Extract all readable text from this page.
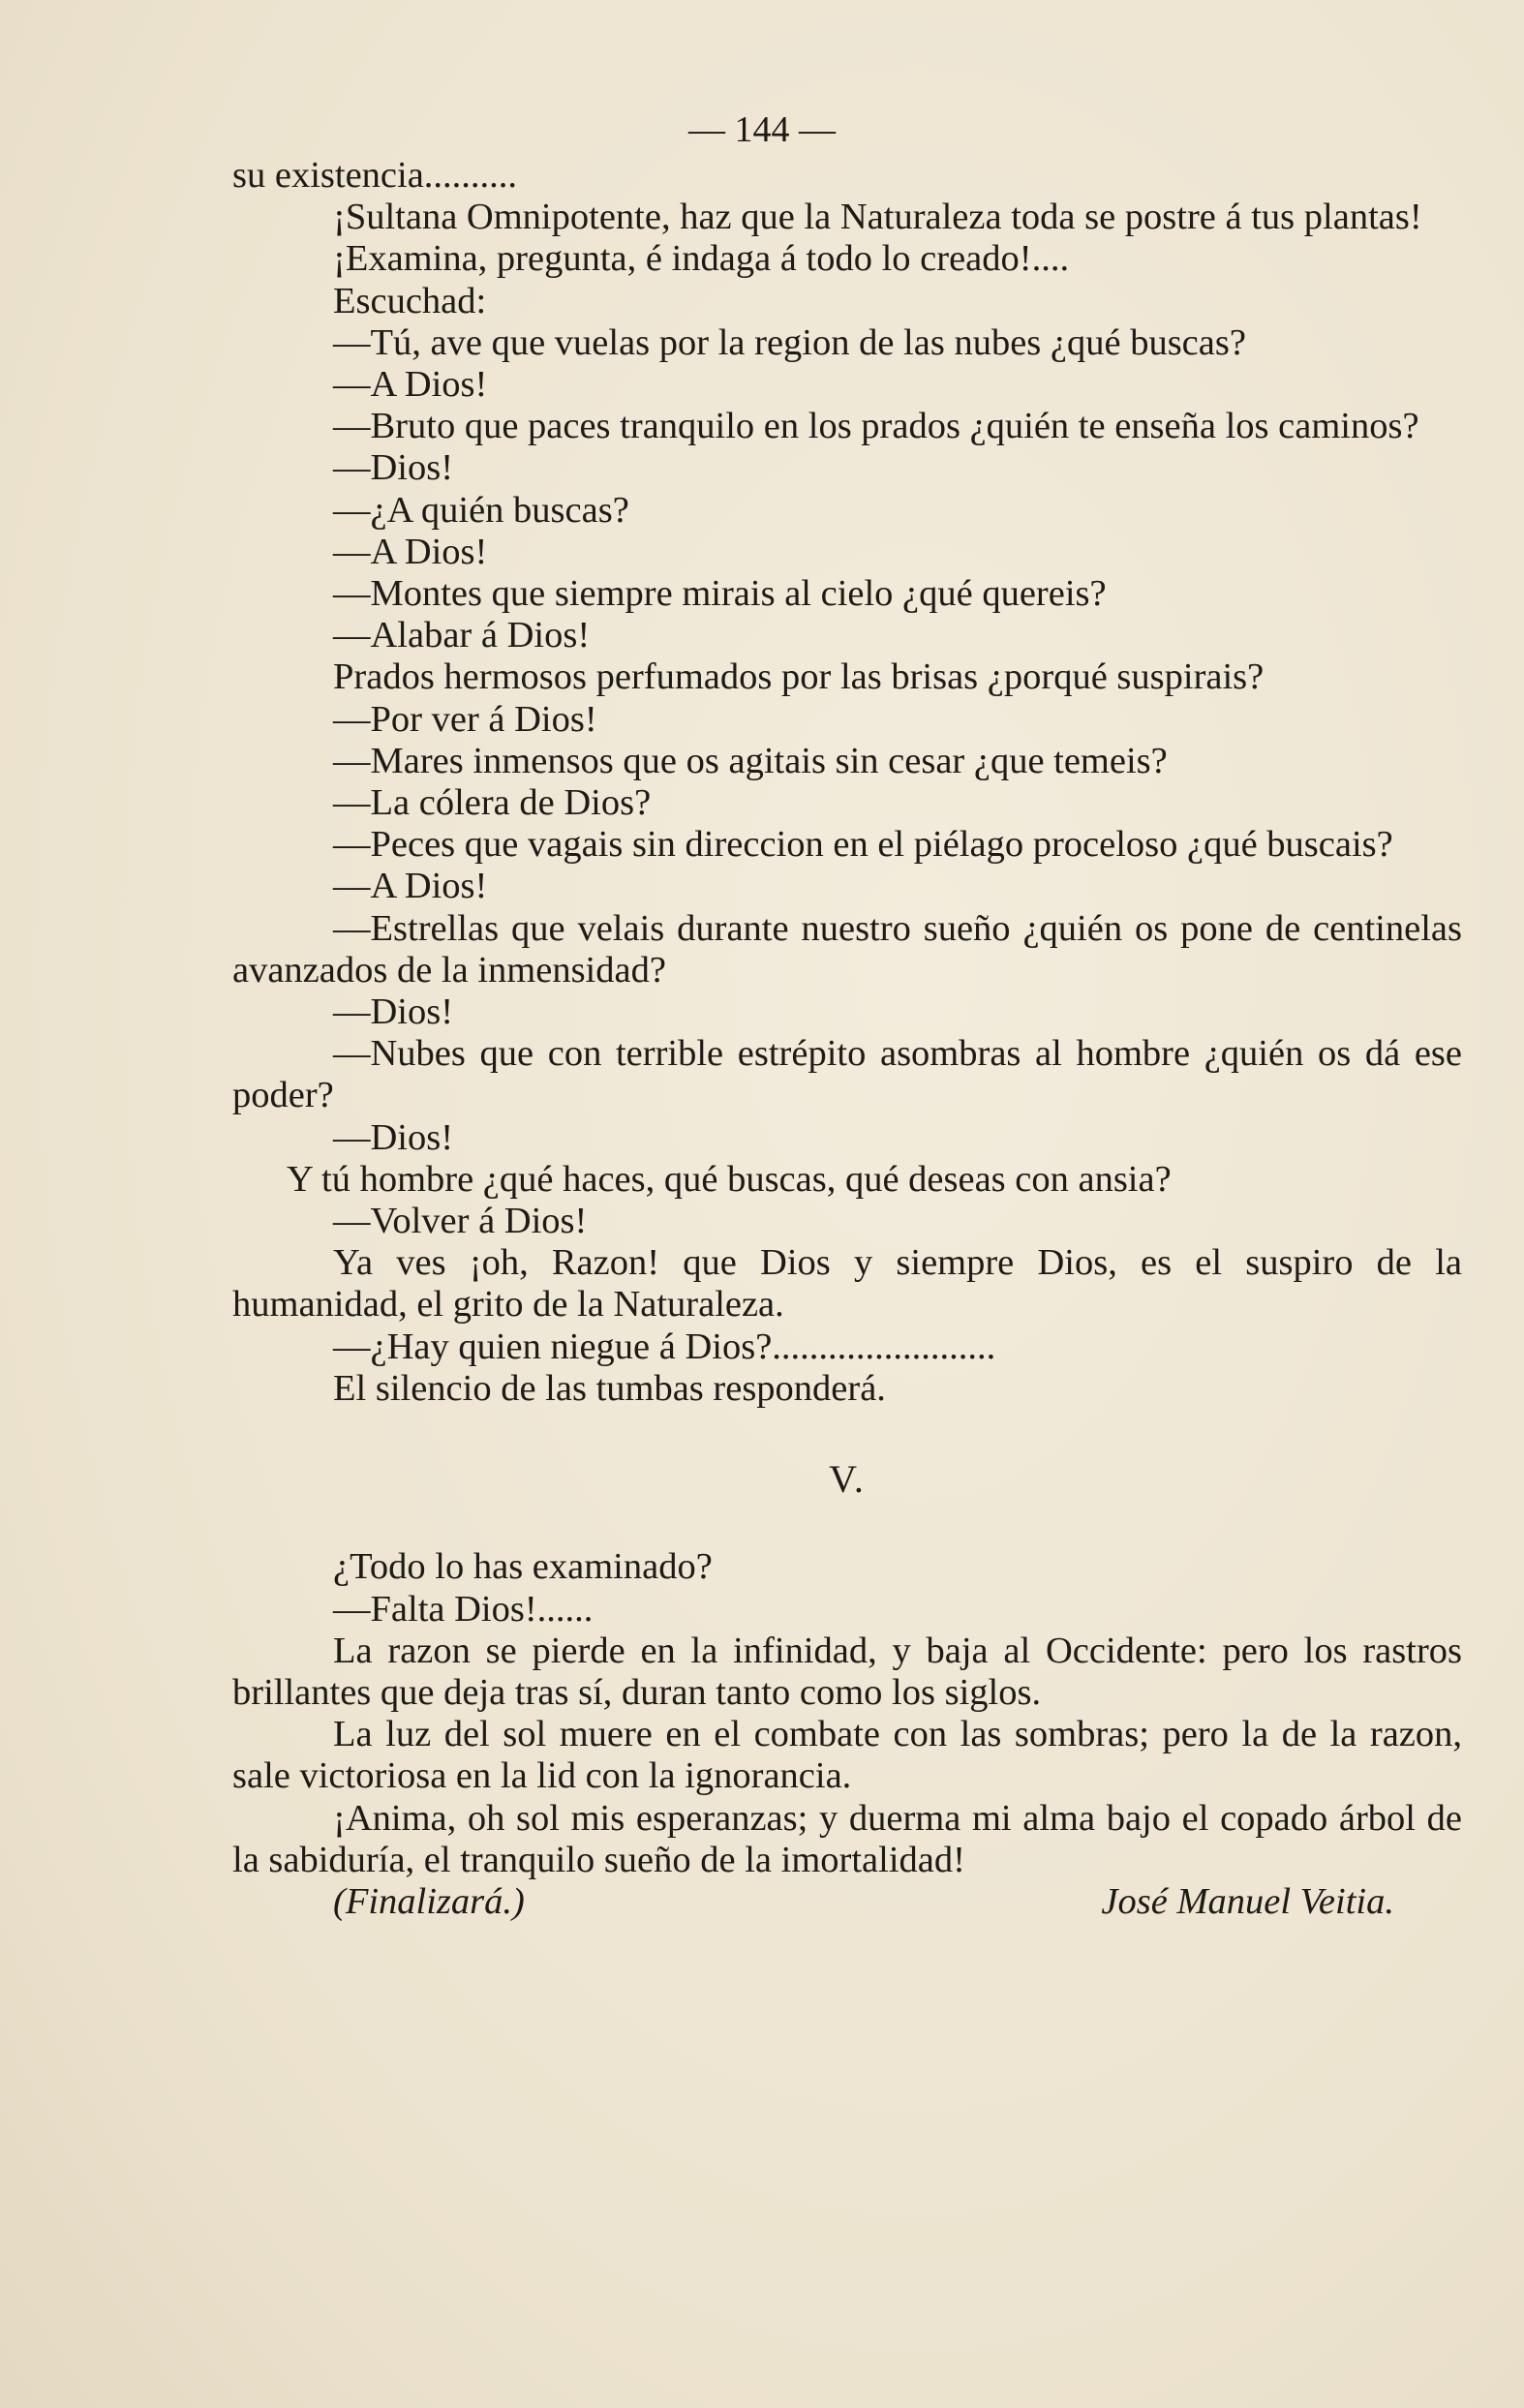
— 144 —

su existencia..........

¡Sultana Omnipotente, haz que la Naturaleza toda se postre á tus plantas!

¡Examina, pregunta, é indaga á todo lo creado!....

Escuchad:

—Tú, ave que vuelas por la region de las nubes ¿qué buscas?

—A Dios!

—Bruto que paces tranquilo en los prados ¿quién te enseña los caminos?

—Dios!

—¿A quién buscas?

—A Dios!

—Montes que siempre mirais al cielo ¿qué quereis?

—Alabar á Dios!

Prados hermosos perfumados por las brisas ¿porqué suspirais?

—Por ver á Dios!

—Mares inmensos que os agitais sin cesar ¿que temeis?

—La cólera de Dios?

—Peces que vagais sin direccion en el piélago proceloso ¿qué buscais?

—A Dios!

—Estrellas que velais durante nuestro sueño ¿quién os pone de centinelas avanzados de la inmensidad?

—Dios!

—Nubes que con terrible estrépito asombras al hombre ¿quién os dá ese poder?

—Dios!

Y tú hombre ¿qué haces, qué buscas, qué deseas con ansia?

—Volver á Dios!

Ya ves ¡oh, Razon! que Dios y siempre Dios, es el suspiro de la humanidad, el grito de la Naturaleza.

—¿Hay quien niegue á Dios?........................

El silencio de las tumbas responderá.

V.

¿Todo lo has examinado?

—Falta Dios!......

La razon se pierde en la infinidad, y baja al Occidente: pero los rastros brillantes que deja tras sí, duran tanto como los siglos.

La luz del sol muere en el combate con las sombras; pero la de la razon, sale victoriosa en la lid con la ignorancia.

¡Anima, oh sol mis esperanzas; y duerma mi alma bajo el copado árbol de la sabiduría, el tranquilo sueño de la imortalidad!

(Finalizará.)	José Manuel Veitia.
